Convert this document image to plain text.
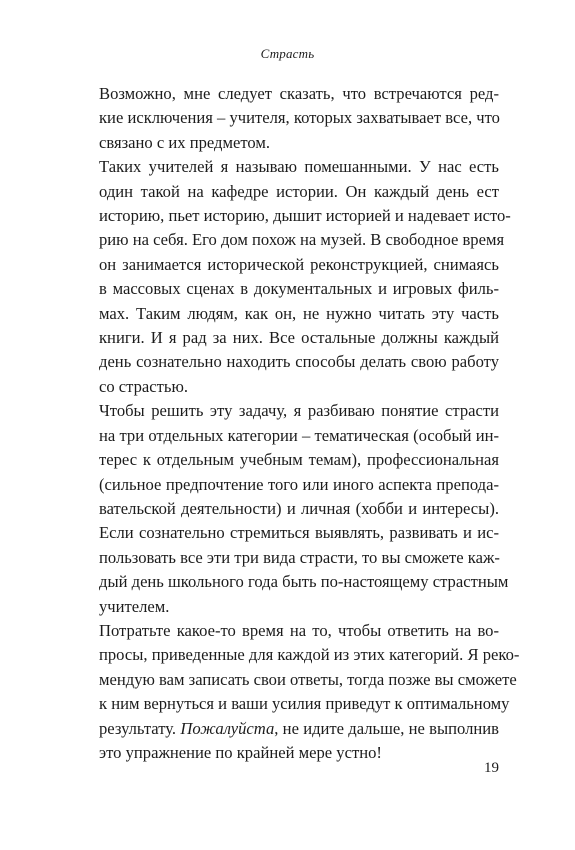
Страсть

Возможно, мне следует сказать, что встречаются ред-
кие исключения – учителя, которых захватывает все, что
связано с их предметом.

Таких учителей я называю помешанными. У нас есть
один такой на кафедре истории. Он каждый день ест
историю, пьет историю, дышит историей и надевает исто-
рию на себя. Его дом похож на музей. В свободное время
он занимается исторической реконструкцией, снимаясь
в массовых сценах в документальных и игровых филь-
мах. Таким людям, как он, не нужно читать эту часть
книги. И я рад за них. Все остальные должны каждый
день сознательно находить способы делать свою работу
со страстью.

Чтобы решить эту задачу, я разбиваю понятие страсти
на три отдельных категории – тематическая (особый ин-
терес к отдельным учебным темам), профессиональная
(сильное предпочтение того или иного аспекта препода-
вательской деятельности) и личная (хобби и интересы).
Если сознательно стремиться выявлять, развивать и ис-
пользовать все эти три вида страсти, то вы сможете каж-
дый день школьного года быть по-настоящему страстным
учителем.

Потратьте какое-то время на то, чтобы ответить на во-
просы, приведенные для каждой из этих категорий. Я реко-
мендую вам записать свои ответы, тогда позже вы сможете
к ним вернуться и ваши усилия приведут к оптимальному
результату. Пожалуйста, не идите дальше, не выполнив
это упражнение по крайней мере устно!

19
